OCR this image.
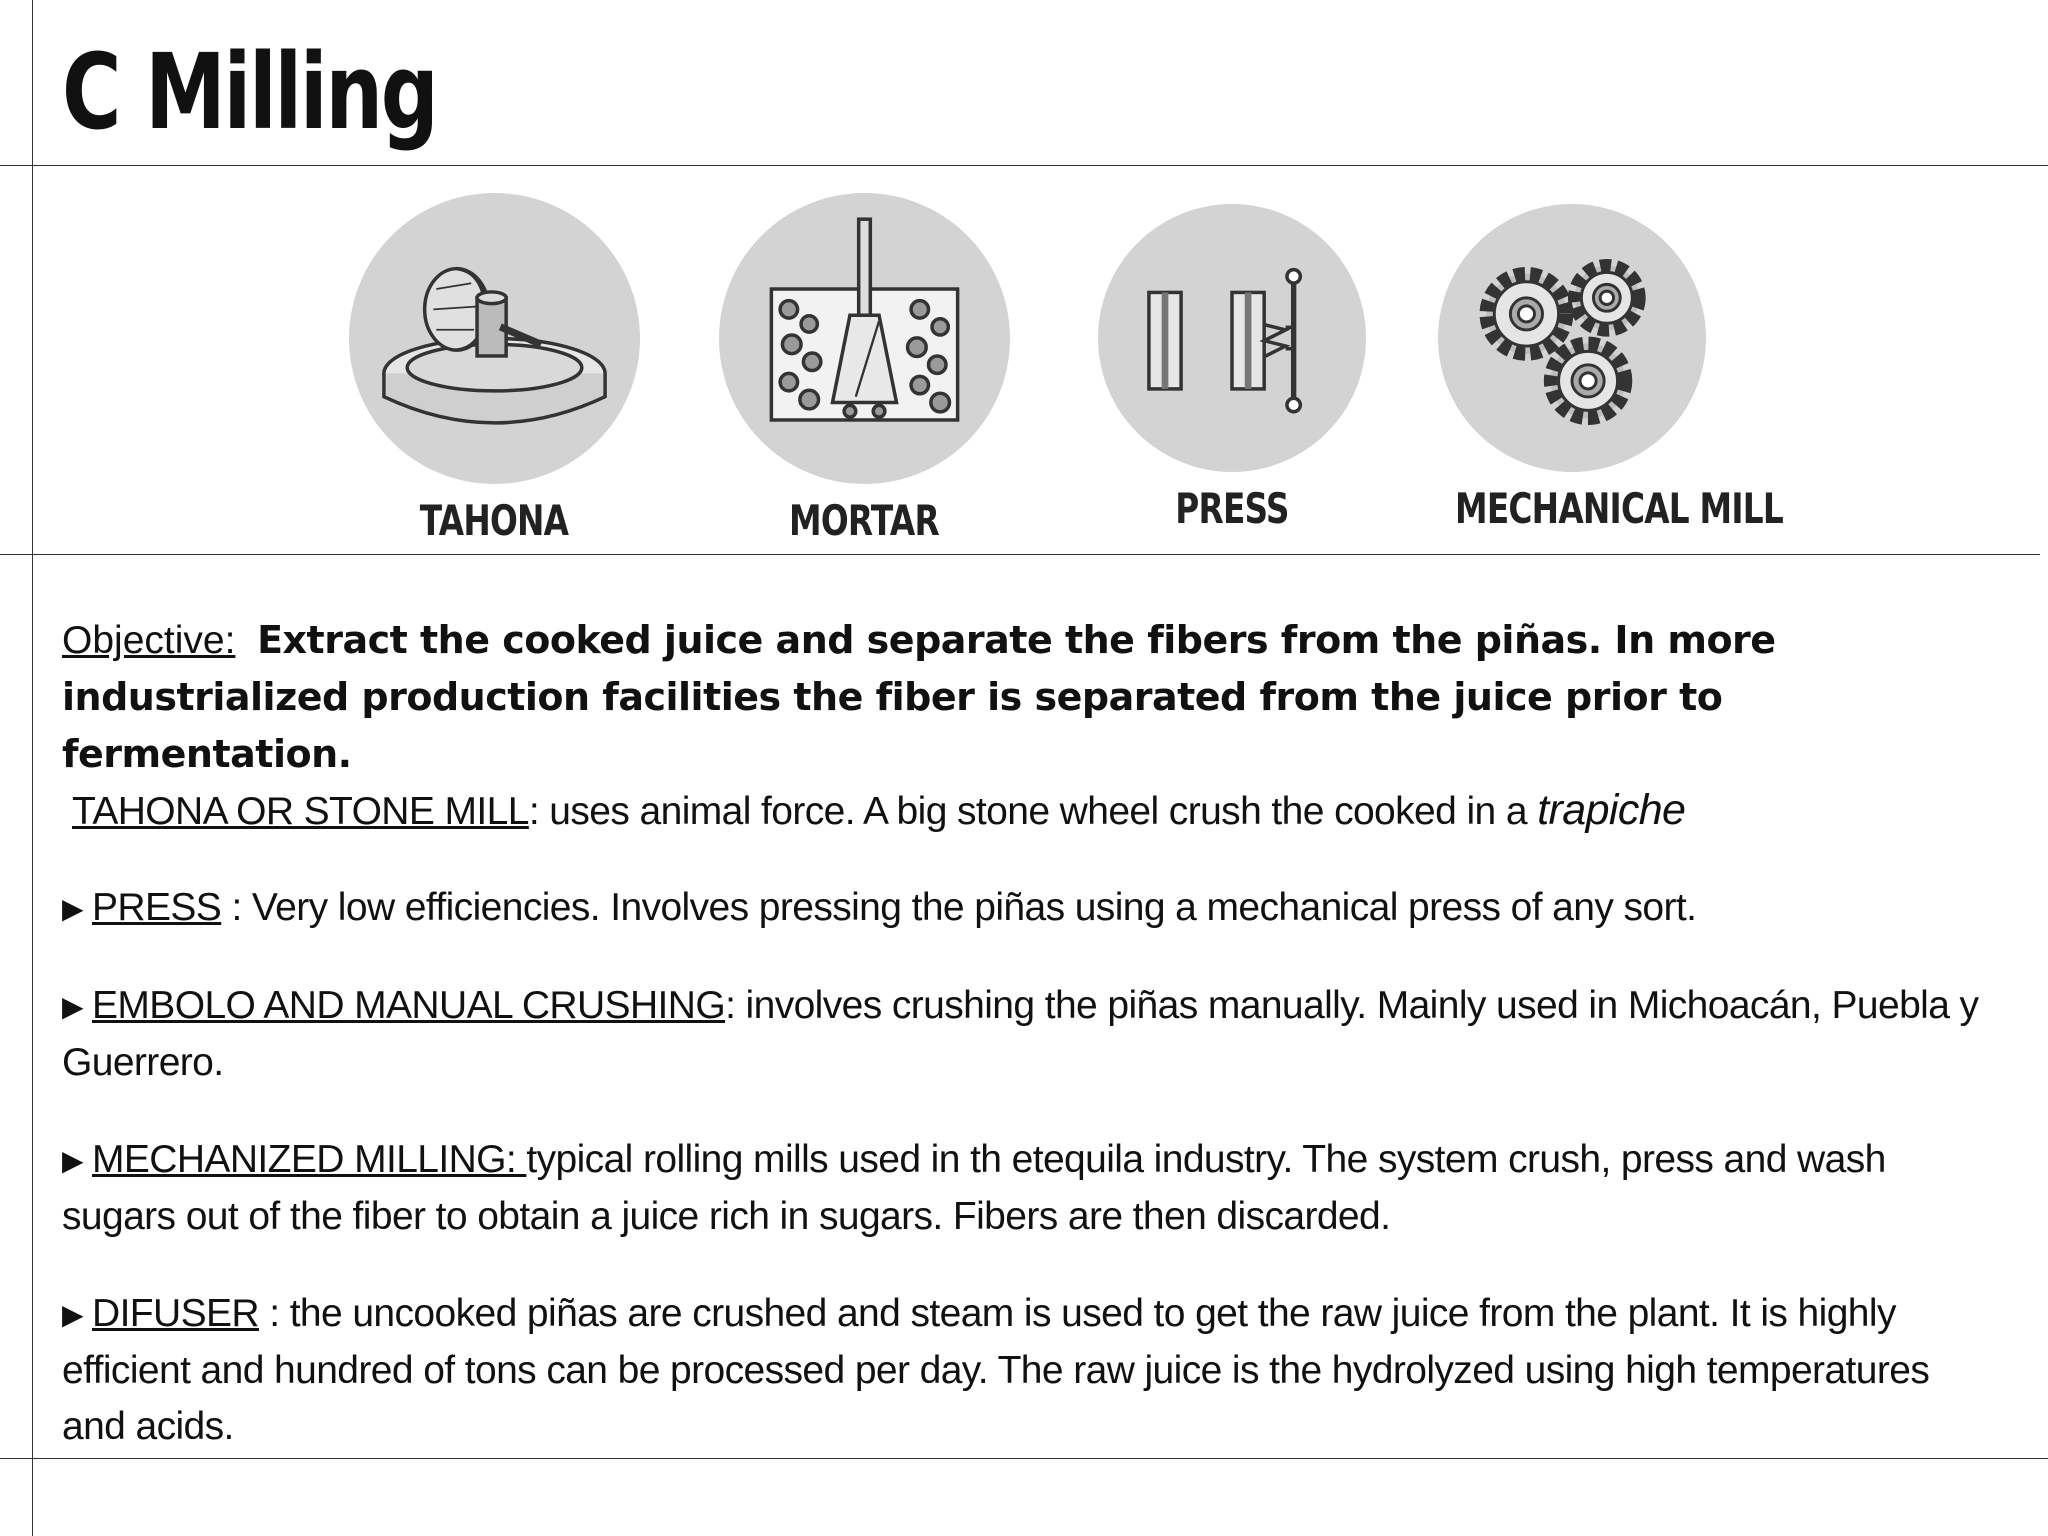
C Milling
TAHONA	MORTAR	PRESS	MECHANICAL MILL
Objective: Extract the cooked juice and separate the fibers from the piñas. In more industrialized production facilities the fiber is separated from the juice prior to fermentation.
TAHONA OR STONE MILL: uses animal force. A big stone wheel crush the cooked in a trapiche
▶ PRESS : Very low efficiencies. Involves pressing the piñas using a mechanical press of any sort.
▶ EMBOLO AND MANUAL CRUSHING: involves crushing the piñas manually. Mainly used in Michoacán, Puebla y Guerrero.
▶ MECHANIZED MILLING: typical rolling mills used in th etequila industry. The system crush, press and wash sugars out of the fiber to obtain a juice rich in sugars. Fibers are then discarded.
▶ DIFUSER : the uncooked piñas are crushed and steam is used to get the raw juice from the plant. It is highly efficient and hundred of tons can be processed per day. The raw juice is the hydrolyzed using high temperatures and acids.
